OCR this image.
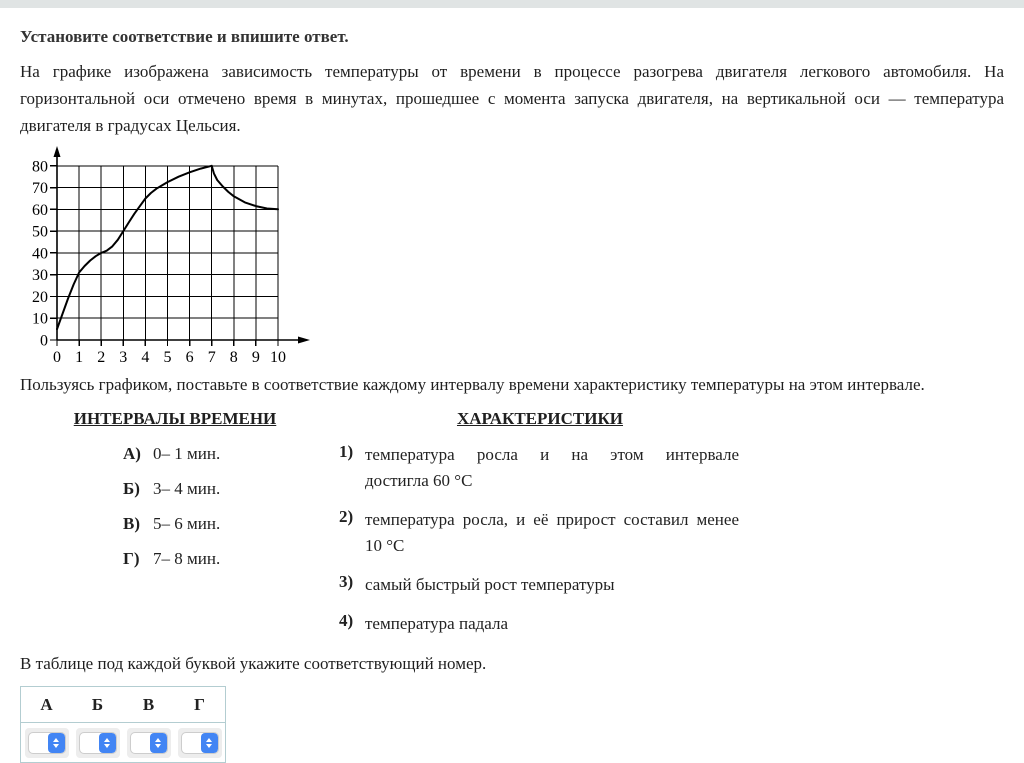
Установите соответствие и впишите ответ.
На графике изображена зависимость температуры от времени в процессе разогрева двигателя легкового автомобиля. На горизонтальной оси отмечено время в минутах, прошедшее с момента запуска двигателя, на вертикальной оси — температура двигателя в градусах Цельсия.
0
10
20
30
40
50
60
70
80
0 1 2 3 4 5 6 7 8 9 10
Пользуясь графиком, поставьте в соответствие каждому интервалу времени характеристику температуры на этом интервале.
ИНТЕРВАЛЫ ВРЕМЕНИ
А) 0– 1 мин.
Б) 3– 4 мин.
В) 5– 6 мин.
Г) 7– 8 мин.
ХАРАКТЕРИСТИКИ
1) температура росла и на этом интервале
достигла 60 °C
2) температура росла, и её прирост составил менее
10 °C
3) самый быстрый рост температуры
4) температура падала
В таблице под каждой буквой укажите соответствующий номер.
А	Б	В	Г
